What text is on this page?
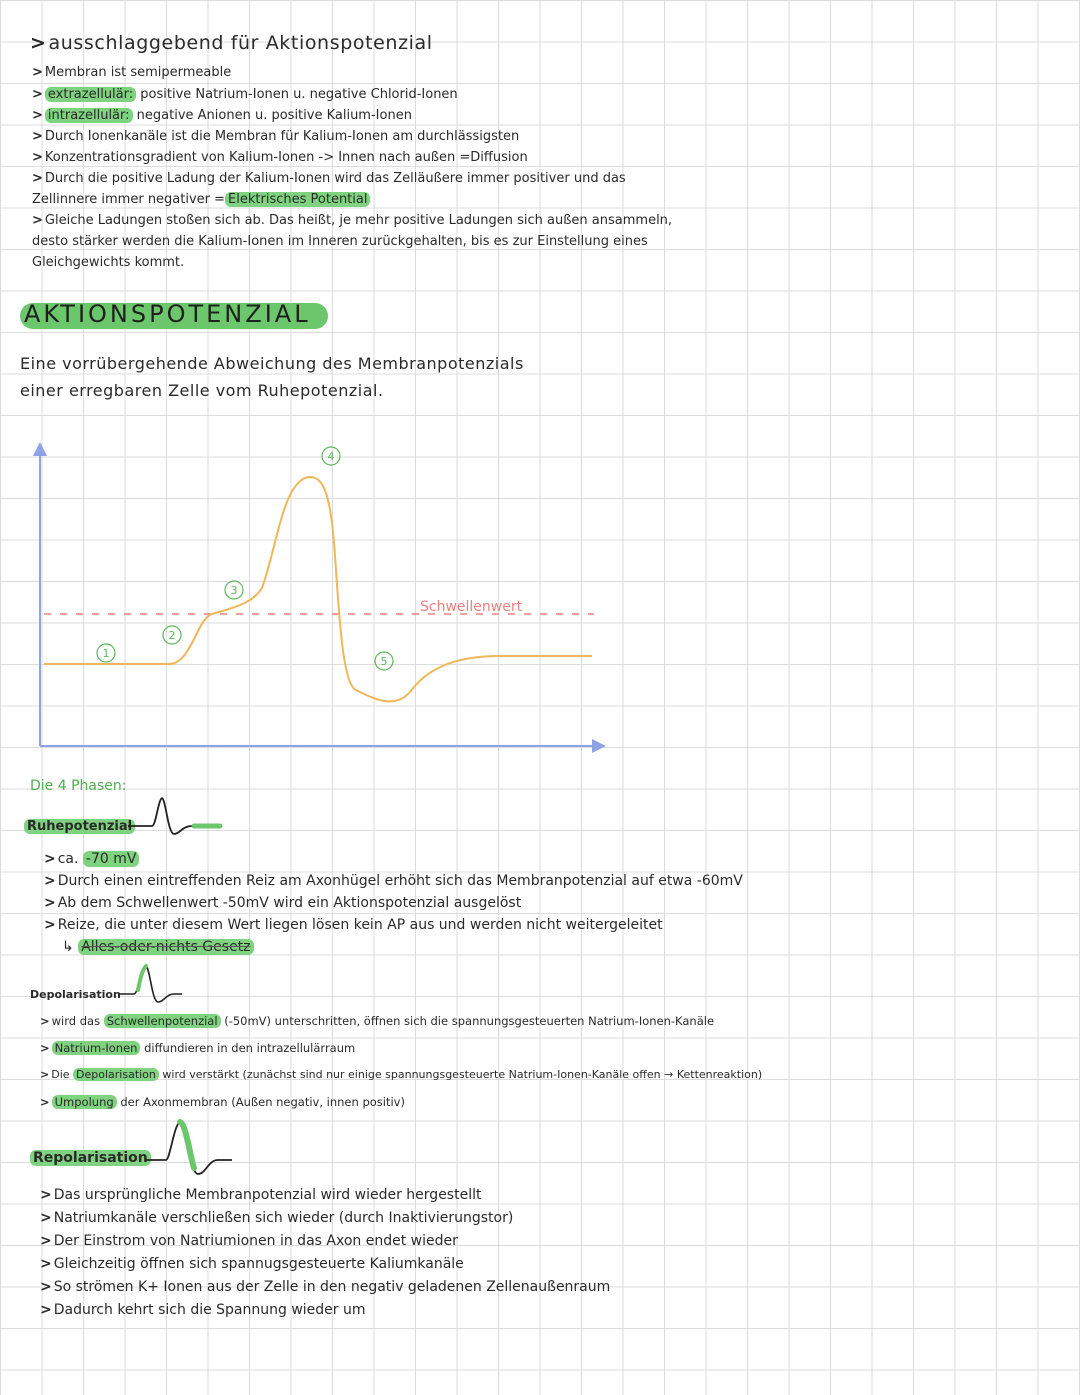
> ausschlaggebend für Aktionspotenzial
> Membran ist semipermeable
> extrazellulär: positive Natrium-Ionen u. negative Chlorid-Ionen
> intrazellulär: negative Anionen u. positive Kalium-Ionen
> Durch Ionenkanäle ist die Membran für Kalium-Ionen am durchlässigsten
> Konzentrationsgradient von Kalium-Ionen -> Innen nach außen =Diffusion
> Durch die positive Ladung der Kalium-Ionen wird das Zelläußere immer positiver und das
Zellinnere immer negativer = Elektrisches Potential
> Gleiche Ladungen stoßen sich ab. Das heißt, je mehr positive Ladungen sich außen ansammeln,
desto stärker werden die Kalium-Ionen im Inneren zurückgehalten, bis es zur Einstellung eines
Gleichgewichts kommt.
AKTIONSPOTENZIAL
Eine vorrübergehende Abweichung des Membranpotenzials
einer erregbaren Zelle vom Ruhepotenzial.
Schwellenwert
1
2
3
4
5
Die 4 Phasen:
Ruhepotenzial
> ca. -70 mV
> Durch einen eintreffenden Reiz am Axonhügel erhöht sich das Membranpotenzial auf etwa -60mV
> Ab dem Schwellenwert -50mV wird ein Aktionspotenzial ausgelöst
> Reize, die unter diesem Wert liegen lösen kein AP aus und werden nicht weitergeleitet
↳ Alles-oder-nichts Gesetz
Depolarisation
> wird das Schwellenpotenzial (-50mV) unterschritten, öffnen sich die spannungsgesteuerten Natrium-Ionen-Kanäle
> Natrium-Ionen diffundieren in den intrazellulärraum
> Die Depolarisation wird verstärkt (zunächst sind nur einige spannungsgesteuerte Natrium-Ionen-Kanäle offen → Kettenreaktion)
> Umpolung der Axonmembran (Außen negativ, innen positiv)
Repolarisation
> Das ursprüngliche Membranpotenzial wird wieder hergestellt
> Natriumkanäle verschließen sich wieder (durch Inaktivierungstor)
> Der Einstrom von Natriumionen in das Axon endet wieder
> Gleichzeitig öffnen sich spannugsgesteuerte Kaliumkanäle
> So strömen K+ Ionen aus der Zelle in den negativ geladenen Zellenaußenraum
> Dadurch kehrt sich die Spannung wieder um
